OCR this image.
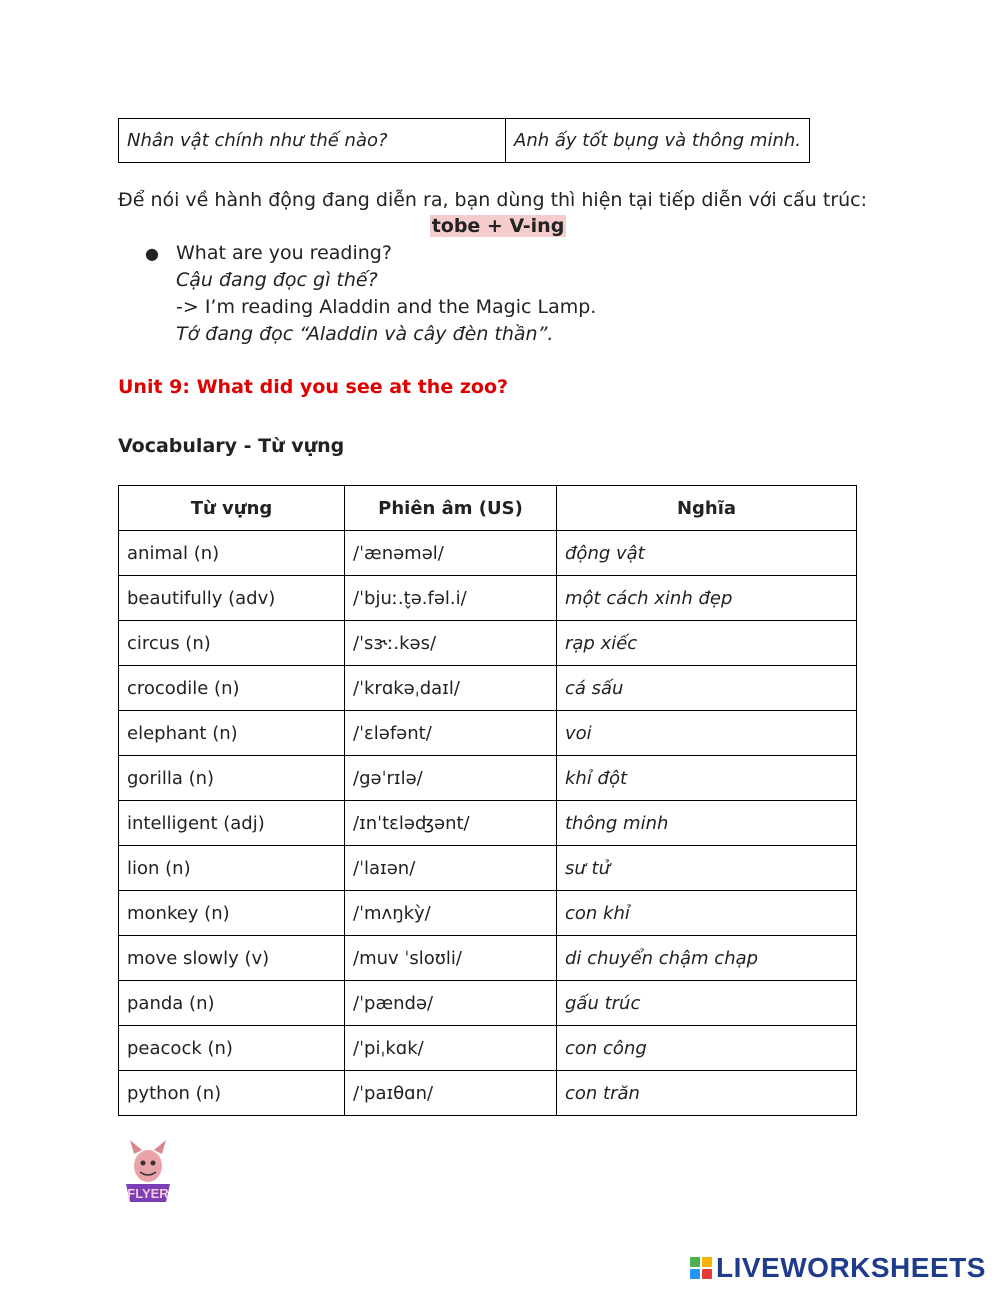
Nhân vật chính như thế nào?	Anh ấy tốt bụng và thông minh.
Để nói về hành động đang diễn ra, bạn dùng thì hiện tại tiếp diễn với cấu trúc:
tobe + V-ing
● What are you reading?
Cậu đang đọc gì thế?
-> I’m reading Aladdin and the Magic Lamp.
Tớ đang đọc “Aladdin và cây đèn thần”.
Unit 9: What did you see at the zoo?
Vocabulary - Từ vựng
Từ vựng	Phiên âm (US)	Nghĩa
animal (n)	/ˈænəməl/	động vật
beautifully (adv)	/ˈbjuː.t̬ə.fəl.i/	một cách xinh đẹp
circus (n)	/ˈsɝː.kəs/	rạp xiếc
crocodile (n)	/ˈkrɑkəˌdaɪl/	cá sấu
elephant (n)	/ˈɛləfənt/	voi
gorilla (n)	/gəˈrɪlə/	khỉ đột
intelligent (adj)	/ɪnˈtɛləʤənt/	thông minh
lion (n)	/ˈlaɪən/	sư tử
monkey (n)	/ˈmʌŋkỳ/	con khỉ
move slowly (v)	/muv ˈsloʊli/	di chuyển chậm chạp
panda (n)	/ˈpændə/	gấu trúc
peacock (n)	/ˈpiˌkɑk/	con công
python (n)	/ˈpaɪθɑn/	con trăn
FLYER
LIVEWORKSHEETS
